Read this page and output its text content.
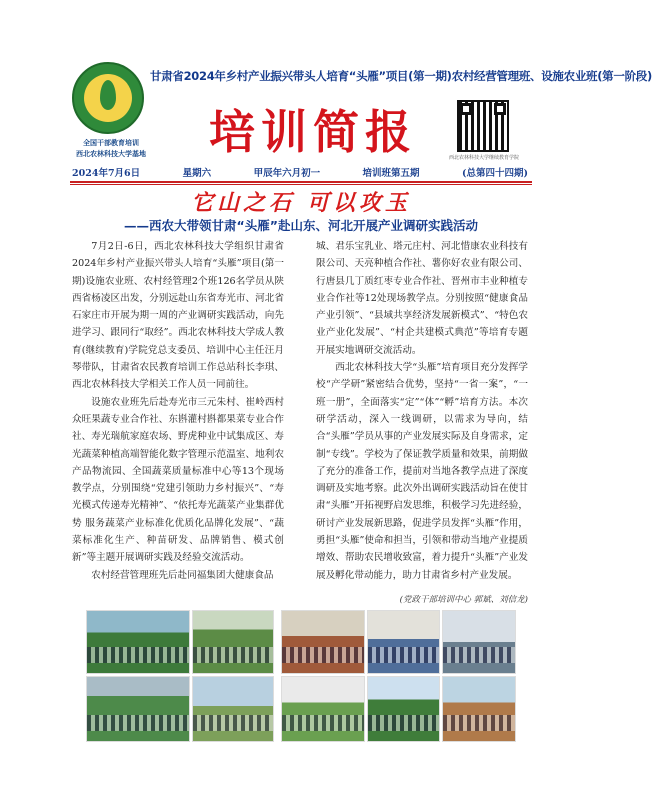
全国干部教育培训
西北农林科技大学基地
甘肃省2024年乡村产业振兴带头人培育“头雁”项目(第一期)农村经营管理班、设施农业班(第一阶段)
培训简报	西北农林科技大学继续教育学院
2024年7月6日	星期六	甲辰年六月初一	培训班第五期	(总第四十四期)
它山之石 可以攻玉
——西农大带领甘肃“头雁”赴山东、河北开展产业调研实践活动

7月2日-6日，西北农林科技大学组织甘肃省2024年乡村产业振兴带头人培育“头雁”项目(第一期)设施农业班、农村经管理2个班126名学员从陕西省杨凌区出发，分别远赴山东省寿光市、河北省石家庄市开展为期一周的产业调研实践活动，向先进学习、跟同行“取经”。西北农林科技大学成人教育(继续教育)学院党总支委员、培训中心主任汪月琴带队，甘肃省农民教育培训工作总站科长李琪、西北农林科技大学相关工作人员一同前往。

设施农业班先后赴寿光市三元朱村、崔岭西村众旺果蔬专业合作社、东斟灌村斟都果菜专业合作社、寿光瑞航家庭农场、野虎种业中试集成区、寿光蔬菜种植高端智能化数字管理示范温室、地利农产品物流园、全国蔬菜质量标准中心等13个现场教学点，分别围绕“党建引领助力乡村振兴”、“寿光模式传递寿光精神”、“依托寿光蔬菜产业集群优势 服务蔬菜产业标准化优质化品牌化发展”、“蔬菜标准化生产、种苗研发、品牌销售、模式创新”等主题开展调研实践及经验交流活动。

农村经营管理班先后赴同福集团大健康食品

城、君乐宝乳业、塔元庄村、河北惜康农业科技有限公司、天亮种植合作社、薯你好农业有限公司、行唐县几丁质红枣专业合作社、晋州市丰业种植专业合作社等12处现场教学点。分别按照“健康食品产业引领”、“县域共享经济发展新模式”、“特色农业产业化发展”、“村企共建模式典范”等培育专题开展实地调研交流活动。

西北农林科技大学“头雁”培育项目充分发挥学校“产学研”紧密结合优势，坚持“一省一案”，“一班一册”，全面落实“定”“体”“孵”培育方法。本次研学活动，深入一线调研，以需求为导向，结合“头雁”学员从事的产业发展实际及自身需求，定制“专线”。学校为了保证教学质量和效果，前期做了充分的准备工作，提前对当地各教学点进了深度调研及实地考察。此次外出调研实践活动旨在使甘肃“头雁”开拓视野启发思维，积极学习先进经验，研讨产业发展新思路，促进学员发挥“头雁”作用，勇担“头雁”使命和担当，引领和带动当地产业提质增效、帮助农民增收致富，着力提升“头雁”产业发展及孵化带动能力，助力甘肃省乡村产业发展。

(党政干部培训中心 郭斌、刘信龙)
